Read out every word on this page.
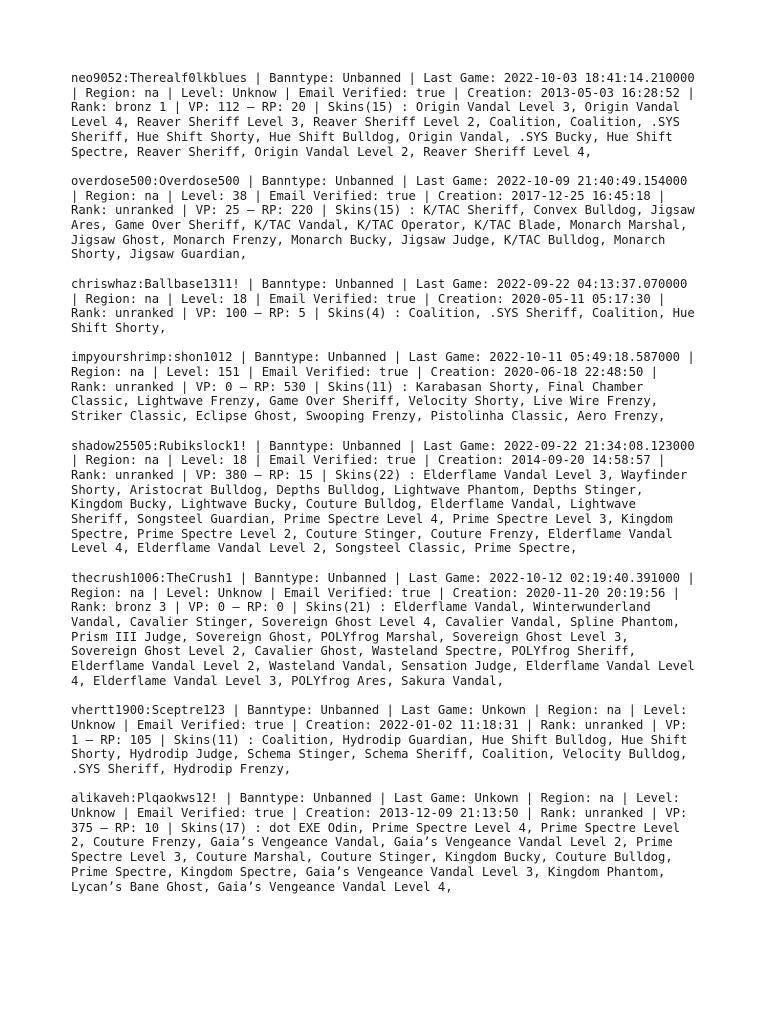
neo9052:Therealf0lkblues | Banntype: Unbanned | Last Game: 2022-10-03 18:41:14.210000 | Region: na | Level: Unknow | Email Verified: true | Creation: 2013-05-03 16:28:52 | Rank: bronz 1 | VP: 112 – RP: 20 | Skins(15) : Origin Vandal Level 3, Origin Vandal Level 4, Reaver Sheriff Level 3, Reaver Sheriff Level 2, Coalition, Coalition, .SYS Sheriff, Hue Shift Shorty, Hue Shift Bulldog, Origin Vandal, .SYS Bucky, Hue Shift Spectre, Reaver Sheriff, Origin Vandal Level 2, Reaver Sheriff Level 4,

overdose500:Overdose500 | Banntype: Unbanned | Last Game: 2022-10-09 21:40:49.154000 | Region: na | Level: 38 | Email Verified: true | Creation: 2017-12-25 16:45:18 | Rank: unranked | VP: 25 – RP: 220 | Skins(15) : K/TAC Sheriff, Convex Bulldog, Jigsaw Ares, Game Over Sheriff, K/TAC Vandal, K/TAC Operator, K/TAC Blade, Monarch Marshal, Jigsaw Ghost, Monarch Frenzy, Monarch Bucky, Jigsaw Judge, K/TAC Bulldog, Monarch Shorty, Jigsaw Guardian,

chriswhaz:Ballbase1311! | Banntype: Unbanned | Last Game: 2022-09-22 04:13:37.070000 | Region: na | Level: 18 | Email Verified: true | Creation: 2020-05-11 05:17:30 | Rank: unranked | VP: 100 – RP: 5 | Skins(4) : Coalition, .SYS Sheriff, Coalition, Hue Shift Shorty,

impyourshrimp:shon1012 | Banntype: Unbanned | Last Game: 2022-10-11 05:49:18.587000 | Region: na | Level: 151 | Email Verified: true | Creation: 2020-06-18 22:48:50 | Rank: unranked | VP: 0 – RP: 530 | Skins(11) : Karabasan Shorty, Final Chamber Classic, Lightwave Frenzy, Game Over Sheriff, Velocity Shorty, Live Wire Frenzy, Striker Classic, Eclipse Ghost, Swooping Frenzy, Pistolinha Classic, Aero Frenzy,

shadow25505:Rubikslock1! | Banntype: Unbanned | Last Game: 2022-09-22 21:34:08.123000 | Region: na | Level: 18 | Email Verified: true | Creation: 2014-09-20 14:58:57 | Rank: unranked | VP: 380 – RP: 15 | Skins(22) : Elderflame Vandal Level 3, Wayfinder Shorty, Aristocrat Bulldog, Depths Bulldog, Lightwave Phantom, Depths Stinger, Kingdom Bucky, Lightwave Bucky, Couture Bulldog, Elderflame Vandal, Lightwave Sheriff, Songsteel Guardian, Prime Spectre Level 4, Prime Spectre Level 3, Kingdom Spectre, Prime Spectre Level 2, Couture Stinger, Couture Frenzy, Elderflame Vandal Level 4, Elderflame Vandal Level 2, Songsteel Classic, Prime Spectre,

thecrush1006:TheCrush1 | Banntype: Unbanned | Last Game: 2022-10-12 02:19:40.391000 | Region: na | Level: Unknow | Email Verified: true | Creation: 2020-11-20 20:19:56 | Rank: bronz 3 | VP: 0 – RP: 0 | Skins(21) : Elderflame Vandal, Winterwunderland Vandal, Cavalier Stinger, Sovereign Ghost Level 4, Cavalier Vandal, Spline Phantom, Prism III Judge, Sovereign Ghost, POLYfrog Marshal, Sovereign Ghost Level 3, Sovereign Ghost Level 2, Cavalier Ghost, Wasteland Spectre, POLYfrog Sheriff, Elderflame Vandal Level 2, Wasteland Vandal, Sensation Judge, Elderflame Vandal Level 4, Elderflame Vandal Level 3, POLYfrog Ares, Sakura Vandal,

vhertt1900:Sceptre123 | Banntype: Unbanned | Last Game: Unkown | Region: na | Level: Unknow | Email Verified: true | Creation: 2022-01-02 11:18:31 | Rank: unranked | VP: 1 – RP: 105 | Skins(11) : Coalition, Hydrodip Guardian, Hue Shift Bulldog, Hue Shift Shorty, Hydrodip Judge, Schema Stinger, Schema Sheriff, Coalition, Velocity Bulldog, .SYS Sheriff, Hydrodip Frenzy,

alikaveh:Plqaokws12! | Banntype: Unbanned | Last Game: Unkown | Region: na | Level: Unknow | Email Verified: true | Creation: 2013-12-09 21:13:50 | Rank: unranked | VP: 375 – RP: 10 | Skins(17) : dot EXE Odin, Prime Spectre Level 4, Prime Spectre Level 2, Couture Frenzy, Gaia’s Vengeance Vandal, Gaia’s Vengeance Vandal Level 2, Prime Spectre Level 3, Couture Marshal, Couture Stinger, Kingdom Bucky, Couture Bulldog, Prime Spectre, Kingdom Spectre, Gaia’s Vengeance Vandal Level 3, Kingdom Phantom, Lycan’s Bane Ghost, Gaia’s Vengeance Vandal Level 4,
